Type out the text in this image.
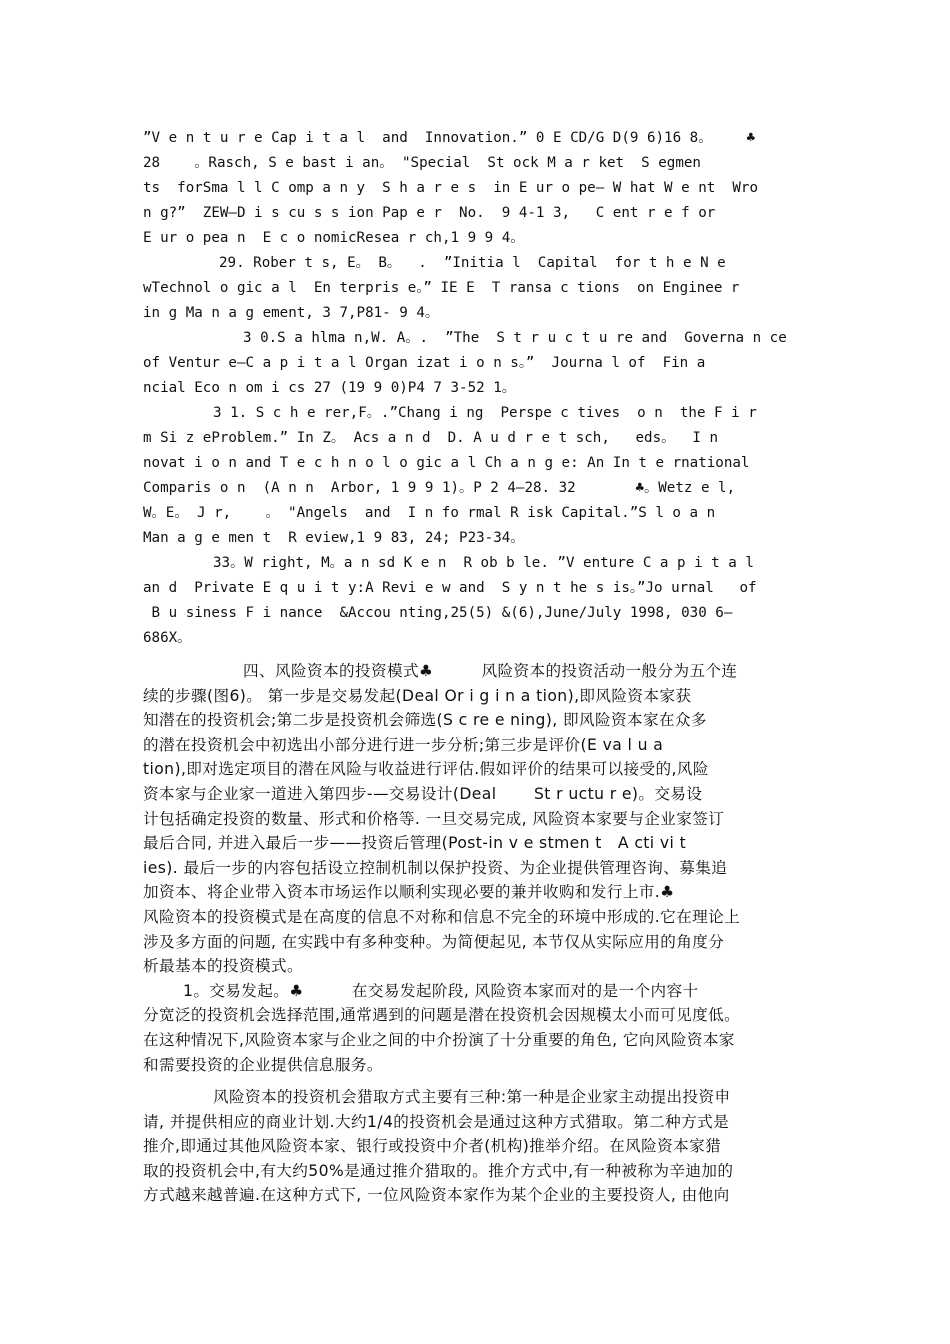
”V e n t u r e Cap i t a l  and  Innovation.” 0 E CD/G D(9 6)16 8。    ♣
28    。Rasch, S e bast i an。 "Special  St ock M a r ket  S egmen
ts  forSma l l C omp a n y  S h a r e s  in E ur o pe— W hat W e nt  Wro
n g?”  ZEW—D i s cu s s ion Pap e r  No.  9 4-1 3,   C ent r e f or
E ur o pea n  E c o nomicResea r ch,1 9 9 4。
29. Rober t s, E。 B。  .  ”Initia l  Capital  for t h e N e
wTechnol o gic a l  En terpris e。” IE E  T ransa c tions  on Enginee r
in g Ma n a g ement, 3 7,P81- 9 4。
3 0.S a hlma n,W. A。.  ”The  S t r u c t u re and  Governa n ce
of Ventur e—C a p i t a l Organ izat i o n s。”  Journa l of  Fin a
ncial Eco n om i cs 27 (19 9 0)P4 7 3-52 1。
3 1. S c h e rer,F。.”Chang i ng  Perspe c tives  o n  the F i r
m Si z eProblem.” In Z。 Acs a n d  D. A u d r e t sch,   eds。  I n
novat i o n and T e c h n o l o gic a l Ch a n g e: An In t e rnational
Comparis o n  (A n n  Arbor, 1 9 9 1)。P 2 4—28. 32       ♣。Wetz e l,
W。E。 J r,    。 "Angels  and  I n fo rmal R isk Capital.”S l o a n
Man a g e men t  R eview,1 9 83, 24; P23-34。
33。W right, M。a n sd K e n  R ob b le. ”V enture C a p i t a l
an d  Private E q u i t y:A Revi e w and  S y n t he s is。”Jo urnal   of
B u siness F i nance  &Accou nting,25(5) &(6),June/July 1998, 030 6—
686X。
四、风险资本的投资模式♣         风险资本的投资活动一般分为五个连
续的步骤(图6)。 第一步是交易发起(Deal Or i g i n a tion),即风险资本家获
知潜在的投资机会;第二步是投资机会筛选(S c re e ning), 即风险资本家在众多
的潜在投资机会中初选出小部分进行进一步分析;第三步是评价(E va l u a
tion),即对选定项目的潜在风险与收益进行评估.假如评价的结果可以接受的,风险
资本家与企业家一道进入第四步-—交易设计(Deal       St r uctu r e)。交易设
计包括确定投资的数量、形式和价格等. 一旦交易完成, 风险资本家要与企业家签订
最后合同, 并进入最后一步——投资后管理(Post-in v e stmen t   A cti vi t
ies). 最后一步的内容包括设立控制机制以保护投资、为企业提供管理咨询、募集追
加资本、将企业带入资本市场运作以顺利实现必要的兼并收购和发行上市.♣
风险资本的投资模式是在高度的信息不对称和信息不完全的环境中形成的.它在理论上
涉及多方面的问题, 在实践中有多种变种。为简便起见, 本节仅从实际应用的角度分
析最基本的投资模式。
1。交易发起。♣         在交易发起阶段, 风险资本家而对的是一个内容十
分宽泛的投资机会选择范围,通常遇到的问题是潜在投资机会因规模太小而可见度低。
在这种情况下,风险资本家与企业之间的中介扮演了十分重要的角色, 它向风险资本家
和需要投资的企业提供信息服务。
风险资本的投资机会猎取方式主要有三种:第一种是企业家主动提出投资申
请, 并提供相应的商业计划.大约1/4的投资机会是通过这种方式猎取。第二种方式是
推介,即通过其他风险资本家、银行或投资中介者(机构)推举介绍。在风险资本家猎
取的投资机会中,有大约50%是通过推介猎取的。推介方式中,有一种被称为辛迪加的
方式越来越普遍.在这种方式下, 一位风险资本家作为某个企业的主要投资人, 由他向
